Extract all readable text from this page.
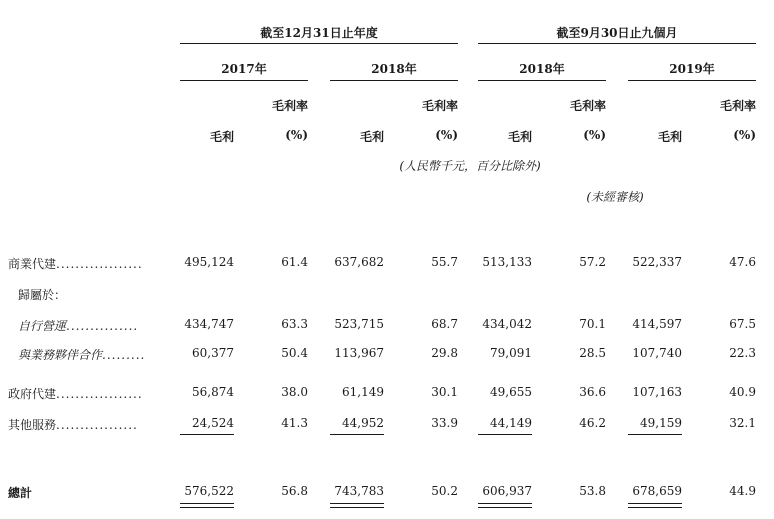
截至12月31日止年度	截至9月30日止九個月
2017年	2018年	2018年	2019年
毛利率	毛利率	毛利率	毛利率
毛利	(%)	毛利	(%)	毛利	(%)	毛利	(%)
(人民幣千元，百分比除外)
(未經審核)
商業代建..................	495,124	61.4	637,682	55.7	513,133	57.2	522,337	47.6
歸屬於：
自行營運...............	434,747	63.3	523,715	68.7	434,042	70.1	414,597	67.5
與業務夥伴合作.........	60,377	50.4	113,967	29.8	79,091	28.5	107,740	22.3
政府代建..................	56,874	38.0	61,149	30.1	49,655	36.6	107,163	40.9
其他服務.................	24,524	41.3	44,952	33.9	44,149	46.2	49,159	32.1
總計	576,522	56.8	743,783	50.2	606,937	53.8	678,659	44.9
